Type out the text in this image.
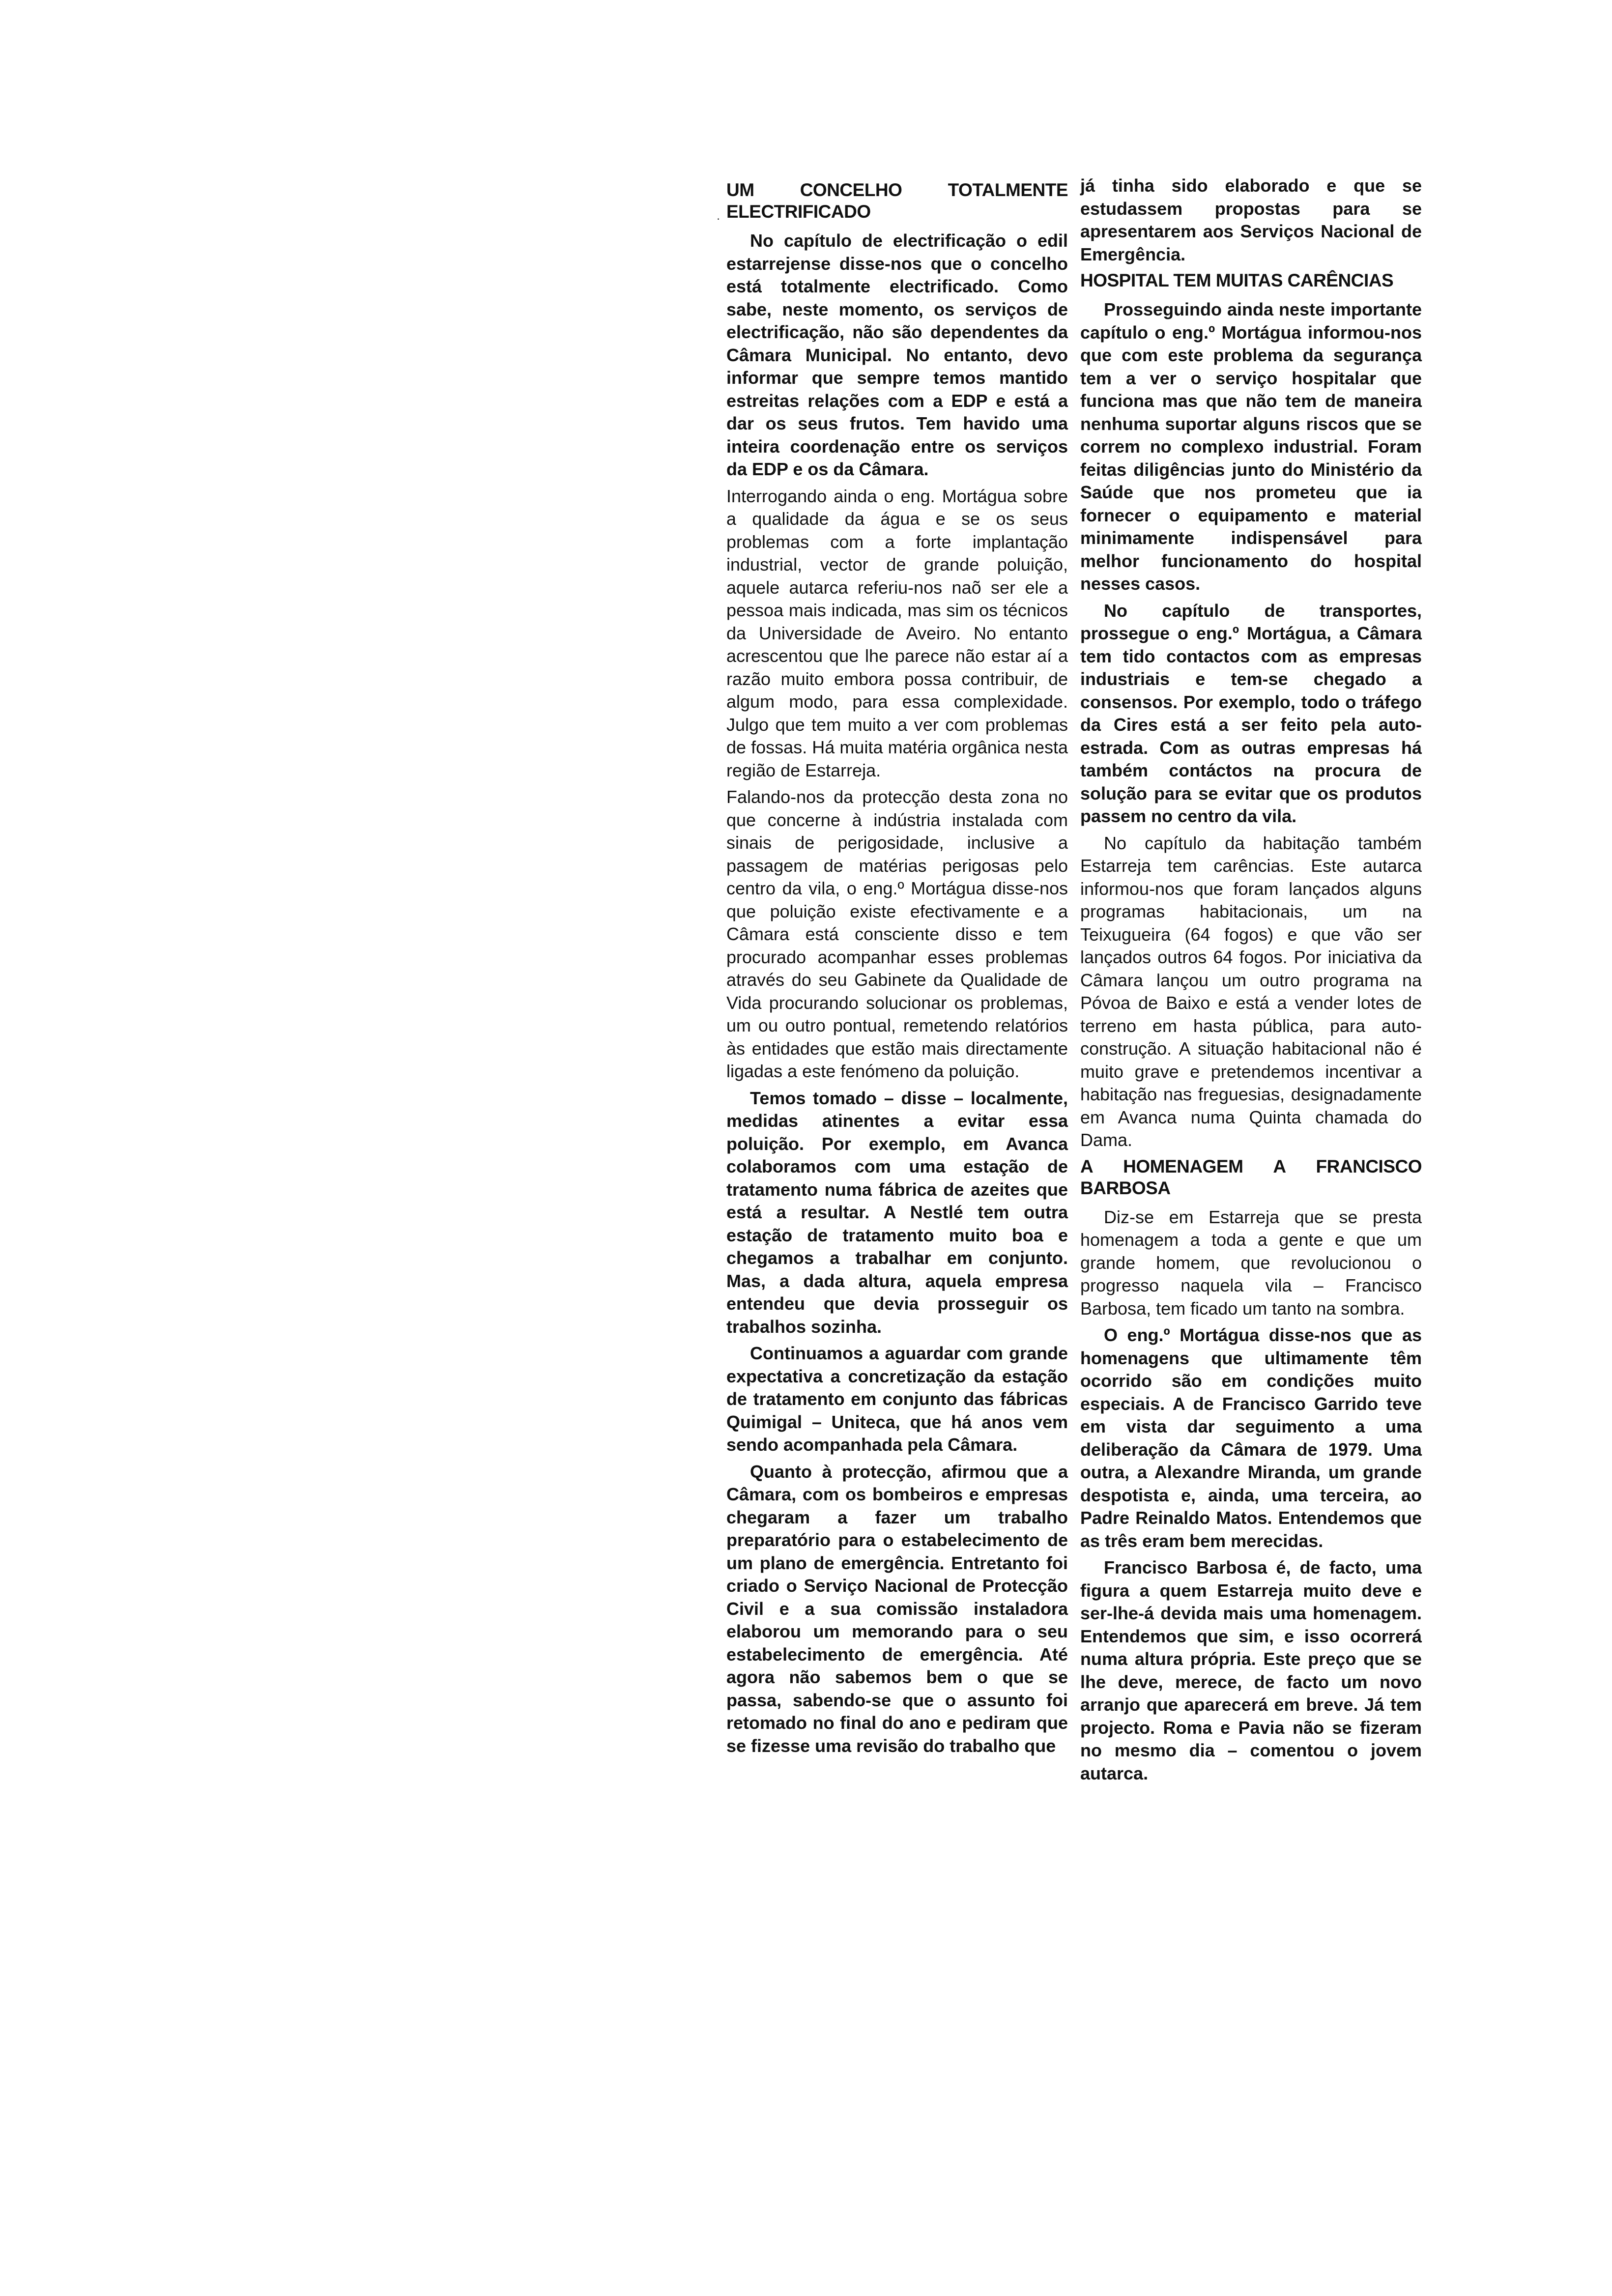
UM CONCELHO TOTALMENTE ELECTRIFICADO
No capítulo de electrificação o edil estarrejense disse-nos que o concelho está totalmente electrificado. Como sabe, neste momento, os serviços de electrificação, não são dependentes da Câmara Municipal. No entanto, devo informar que sempre temos mantido estreitas relações com a EDP e está a dar os seus frutos. Tem havido uma inteira coordenação entre os serviços da EDP e os da Câmara.
Interrogando ainda o eng. Mortágua sobre a qualidade da água e se os seus problemas com a forte implantação industrial, vector de grande poluição, aquele autarca referiu-nos naõ ser ele a pessoa mais indicada, mas sim os técnicos da Universidade de Aveiro. No entanto acrescentou que lhe parece não estar aí a razão muito embora possa contribuir, de algum modo, para essa complexidade. Julgo que tem muito a ver com problemas de fossas. Há muita matéria orgânica nesta região de Estarreja.
Falando-nos da protecção desta zona no que concerne à indústria instalada com sinais de perigosidade, inclusive a passagem de matérias perigosas pelo centro da vila, o eng.º Mortágua disse-nos que poluição existe efectivamente e a Câmara está consciente disso e tem procurado acompanhar esses problemas através do seu Gabinete da Qualidade de Vida procurando solucionar os problemas, um ou outro pontual, remetendo relatórios às entidades que estão mais directamente ligadas a este fenómeno da poluição.
Temos tomado – disse – localmente, medidas atinentes a evitar essa poluição. Por exemplo, em Avanca colaboramos com uma estação de tratamento numa fábrica de azeites que está a resultar. A Nestlé tem outra estação de tratamento muito boa e chegamos a trabalhar em conjunto. Mas, a dada altura, aquela empresa entendeu que devia prosseguir os trabalhos sozinha.
Continuamos a aguardar com grande expectativa a concretização da estação de tratamento em conjunto das fábricas Quimigal – Uniteca, que há anos vem sendo acompanhada pela Câmara.
Quanto à protecção, afirmou que a Câmara, com os bombeiros e empresas chegaram a fazer um trabalho preparatório para o estabelecimento de um plano de emergência. Entretanto foi criado o Serviço Nacional de Protecção Civil e a sua comissão instaladora elaborou um memorando para o seu estabelecimento de emergência. Até agora não sabemos bem o que se passa, sabendo-se que o assunto foi retomado no final do ano e pediram que se fizesse uma revisão do trabalho que
já tinha sido elaborado e que se estudassem propostas para se apresentarem aos Serviços Nacional de Emergência.
HOSPITAL TEM MUITAS CARÊNCIAS
Prosseguindo ainda neste importante capítulo o eng.º Mortágua informou-nos que com este problema da segurança tem a ver o serviço hospitalar que funciona mas que não tem de maneira nenhuma suportar alguns riscos que se correm no complexo industrial. Foram feitas diligências junto do Ministério da Saúde que nos prometeu que ia fornecer o equipamento e material minimamente indispensável para melhor funcionamento do hospital nesses casos.
No capítulo de transportes, prossegue o eng.º Mortágua, a Câmara tem tido contactos com as empresas industriais e tem-se chegado a consensos. Por exemplo, todo o tráfego da Cires está a ser feito pela auto-estrada. Com as outras empresas há também contáctos na procura de solução para se evitar que os produtos passem no centro da vila.
No capítulo da habitação também Estarreja tem carências. Este autarca informou-nos que foram lançados alguns programas habitacionais, um na Teixugueira (64 fogos) e que vão ser lançados outros 64 fogos. Por iniciativa da Câmara lançou um outro programa na Póvoa de Baixo e está a vender lotes de terreno em hasta pública, para auto-construção. A situação habitacional não é muito grave e pretendemos incentivar a habitação nas freguesias, designadamente em Avanca numa Quinta chamada do Dama.
A HOMENAGEM A FRANCISCO BARBOSA
Diz-se em Estarreja que se presta homenagem a toda a gente e que um grande homem, que revolucionou o progresso naquela vila – Francisco Barbosa, tem ficado um tanto na sombra.
O eng.º Mortágua disse-nos que as homenagens que ultimamente têm ocorrido são em condições muito especiais. A de Francisco Garrido teve em vista dar seguimento a uma deliberação da Câmara de 1979. Uma outra, a Alexandre Miranda, um grande despotista e, ainda, uma terceira, ao Padre Reinaldo Matos. Entendemos que as três eram bem merecidas.
Francisco Barbosa é, de facto, uma figura a quem Estarreja muito deve e ser-lhe-á devida mais uma homenagem. Entendemos que sim, e isso ocorrerá numa altura própria. Este preço que se lhe deve, merece, de facto um novo arranjo que aparecerá em breve. Já tem projecto. Roma e Pavia não se fizeram no mesmo dia – comentou o jovem autarca.
˙
